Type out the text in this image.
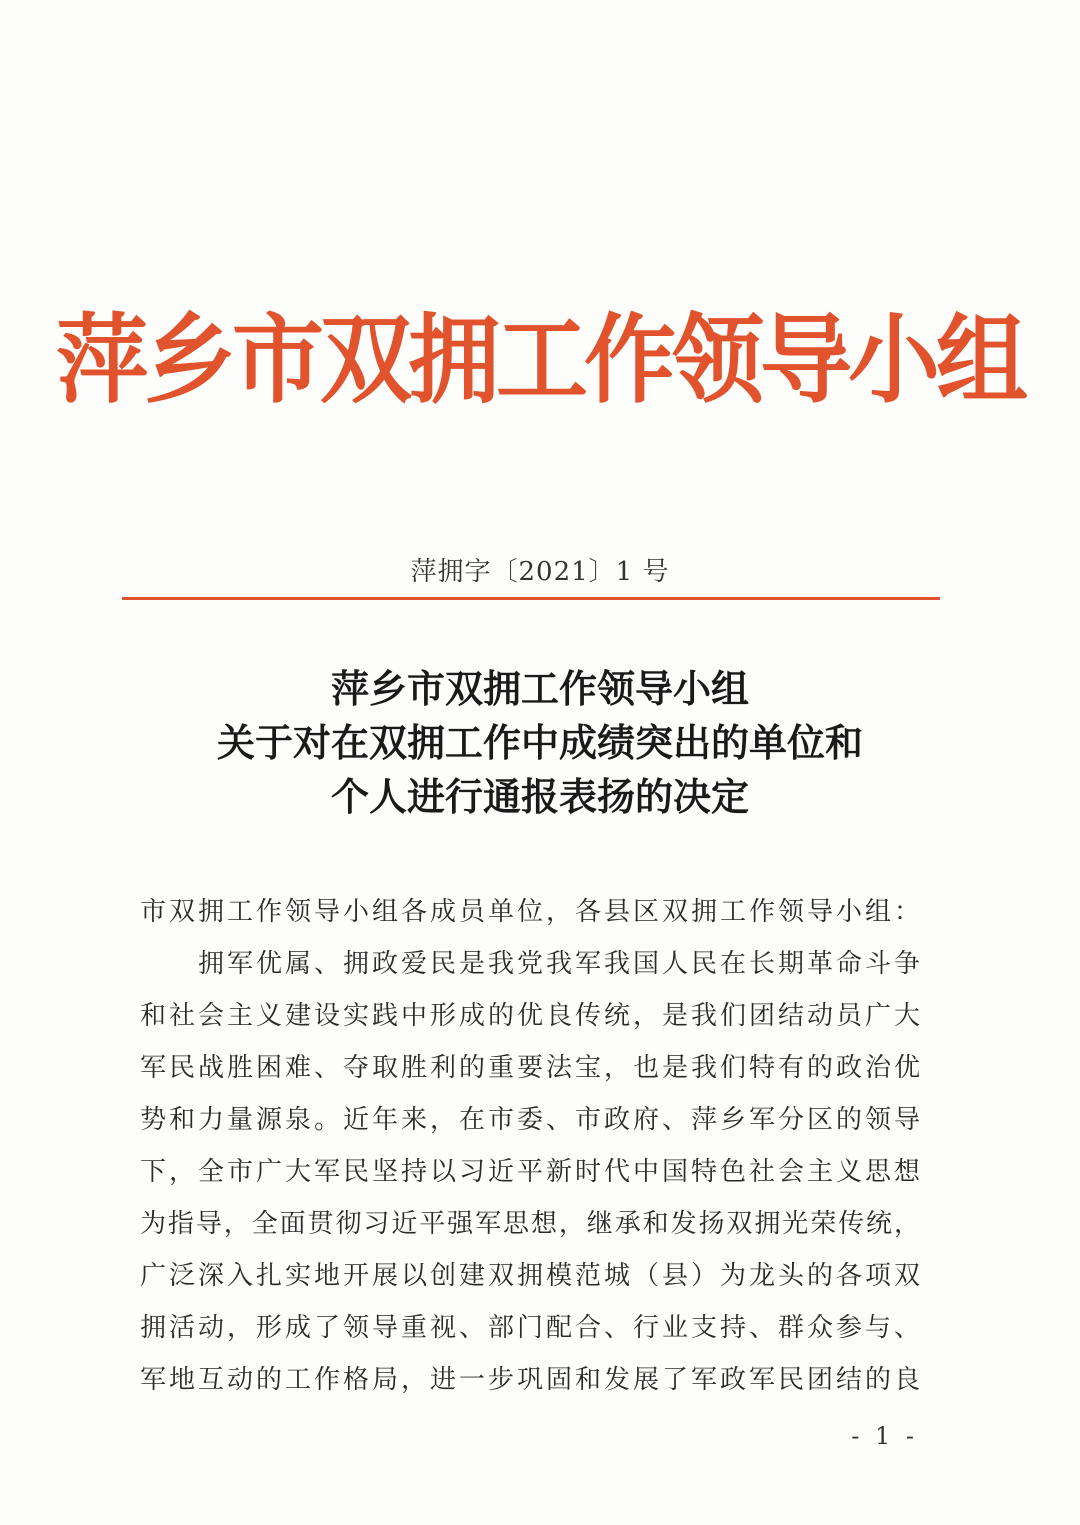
萍乡市双拥工作领导小组
萍拥字〔2021〕1 号
萍乡市双拥工作领导小组
关于对在双拥工作中成绩突出的单位和
个人进行通报表扬的决定
市双拥工作领导小组各成员单位，各县区双拥工作领导小组：
拥军优属、拥政爱民是我党我军我国人民在长期革命斗争
和社会主义建设实践中形成的优良传统，是我们团结动员广大
军民战胜困难、夺取胜利的重要法宝，也是我们特有的政治优
势和力量源泉。近年来，在市委、市政府、萍乡军分区的领导
下，全市广大军民坚持以习近平新时代中国特色社会主义思想
为指导，全面贯彻习近平强军思想，继承和发扬双拥光荣传统，
广泛深入扎实地开展以创建双拥模范城（县）为龙头的各项双
拥活动，形成了领导重视、部门配合、行业支持、群众参与、
军地互动的工作格局，进一步巩固和发展了军政军民团结的良
- 1 -
